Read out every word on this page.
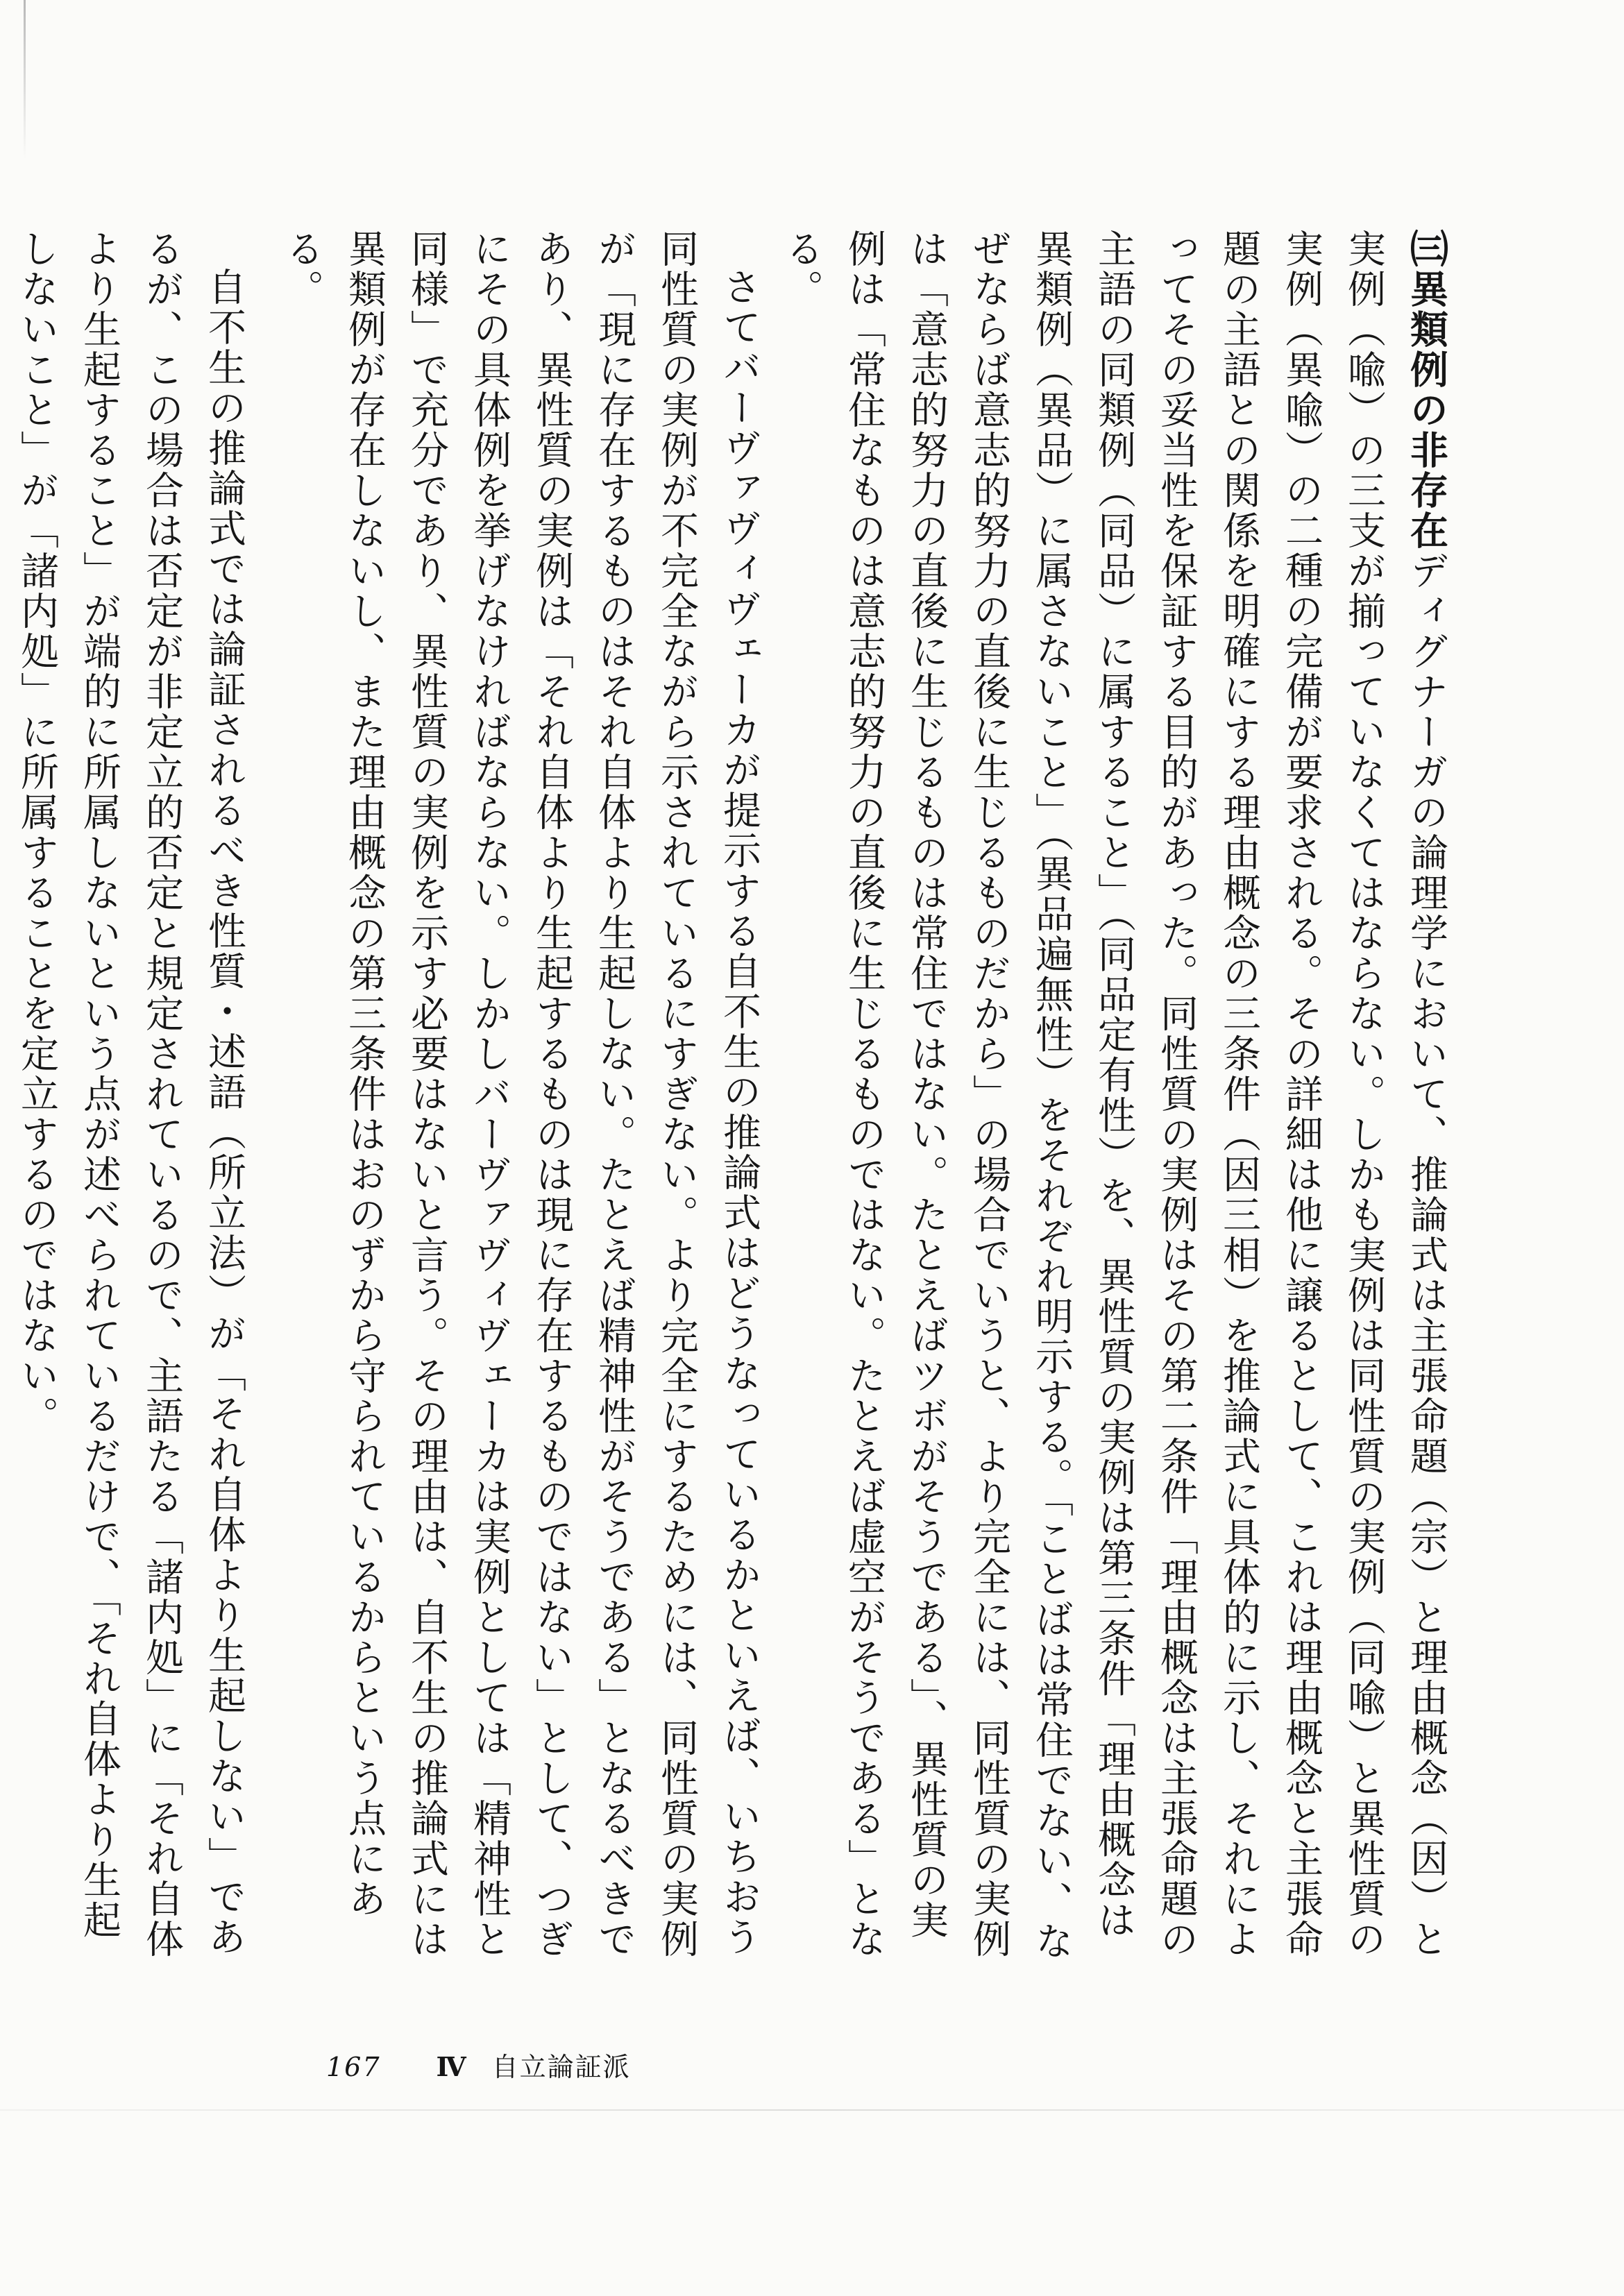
㈢異類例の非存在ディグナーガの論理学において、推論式は主張命題（宗）と理由概念（因）と実例（喩）の三支が揃っていなくてはならない。しかも実例は同性質の実例（同喩）と異性質の実例（異喩）の二種の完備が要求される。その詳細は他に譲るとして、これは理由概念と主張命題の主語との関係を明確にする理由概念の三条件（因三相）を推論式に具体的に示し、それによってその妥当性を保証する目的があった。同性質の実例はその第二条件「理由概念は主張命題の主語の同類例（同品）に属すること」（同品定有性）を、異性質の実例は第三条件「理由概念は異類例（異品）に属さないこと」（異品遍無性）をそれぞれ明示する。「ことばは常住でない、なぜならば意志的努力の直後に生じるものだから」の場合でいうと、より完全には、同性質の実例は「意志的努力の直後に生じるものは常住ではない。たとえばツボがそうである」、異性質の実例は「常住なものは意志的努力の直後に生じるものではない。たとえば虚空がそうである」となる。

さてバーヴァヴィヴェーカが提示する自不生の推論式はどうなっているかといえば、いちおう同性質の実例が不完全ながら示されているにすぎない。より完全にするためには、同性質の実例が「現に存在するものはそれ自体より生起しない。たとえば精神性がそうである」となるべきであり、異性質の実例は「それ自体より生起するものは現に存在するものではない」として、つぎにその具体例を挙げなければならない。しかしバーヴァヴィヴェーカは実例としては「精神性と同様」で充分であり、異性質の実例を示す必要はないと言う。その理由は、自不生の推論式には異類例が存在しないし、また理由概念の第三条件はおのずから守られているからという点にある。

自不生の推論式では論証されるべき性質・述語（所立法）が「それ自体より生起しない」であるが、この場合は否定が非定立的否定と規定されているので、主語たる「諸内処」に「それ自体より生起すること」が端的に所属しないという点が述べられているだけで、「それ自体より生起しないこと」が「諸内処」に所属することを定立するのではない。

167 Ⅳ 自立論証派
